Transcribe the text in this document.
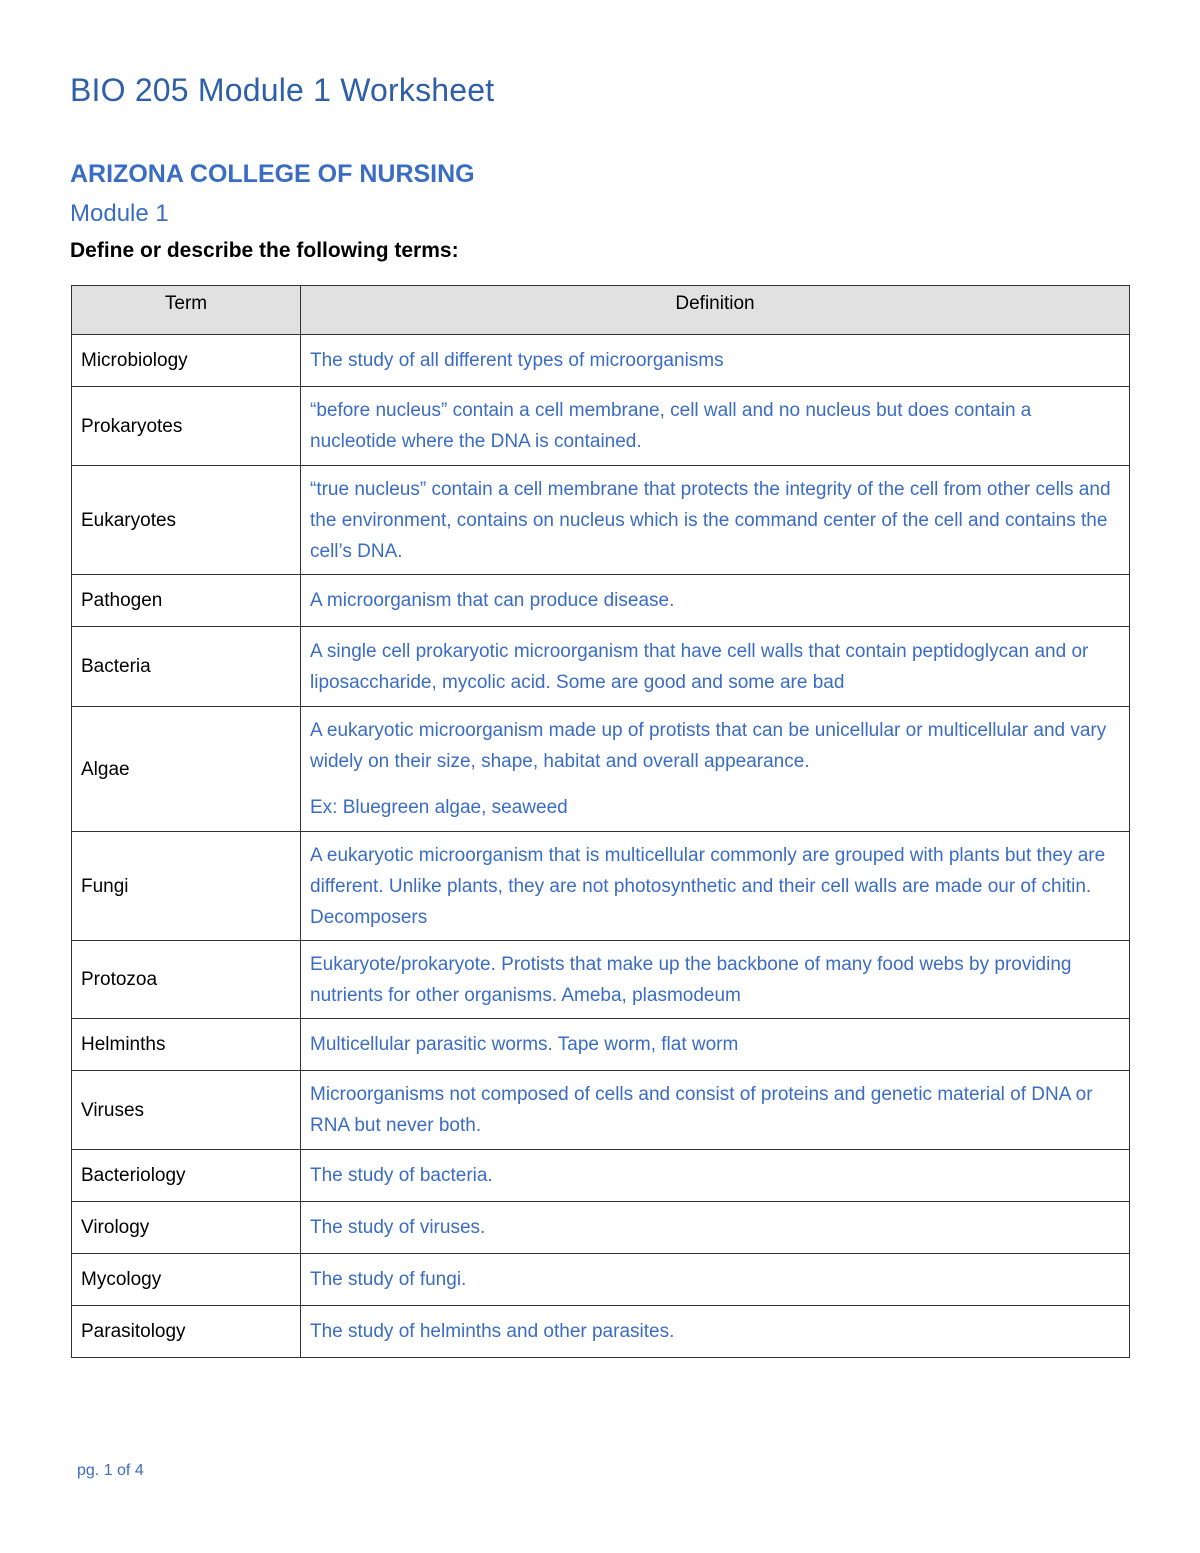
BIO 205 Module 1 Worksheet
ARIZONA COLLEGE OF NURSING
Module 1
Define or describe the following terms:
Term	Definition
Microbiology	The study of all different types of microorganisms

Prokaryotes	“before nucleus” contain a cell membrane, cell wall and no nucleus but does contain a nucleotide where the DNA is contained.

Eukaryotes	“true nucleus” contain a cell membrane that protects the integrity of the cell from other cells and the environment, contains on nucleus which is the command center of the cell and contains the cell’s DNA.

Pathogen	A microorganism that can produce disease.

Bacteria	A single cell prokaryotic microorganism that have cell walls that contain peptidoglycan and or liposaccharide, mycolic acid. Some are good and some are bad

Algae	A eukaryotic microorganism made up of protists that can be unicellular or multicellular and vary widely on their size, shape, habitat and overall appearance.

Ex: Bluegreen algae, seaweed

Fungi	A eukaryotic microorganism that is multicellular commonly are grouped with plants but they are different. Unlike plants, they are not photosynthetic and their cell walls are made our of chitin. Decomposers

Protozoa	Eukaryote/prokaryote. Protists that make up the backbone of many food webs by providing nutrients for other organisms. Ameba, plasmodeum

Helminths	Multicellular parasitic worms. Tape worm, flat worm

Viruses	Microorganisms not composed of cells and consist of proteins and genetic material of DNA or RNA but never both.

Bacteriology	The study of bacteria.

Virology	The study of viruses.

Mycology	The study of fungi.

Parasitology	The study of helminths and other parasites.

pg. 1 of 4
